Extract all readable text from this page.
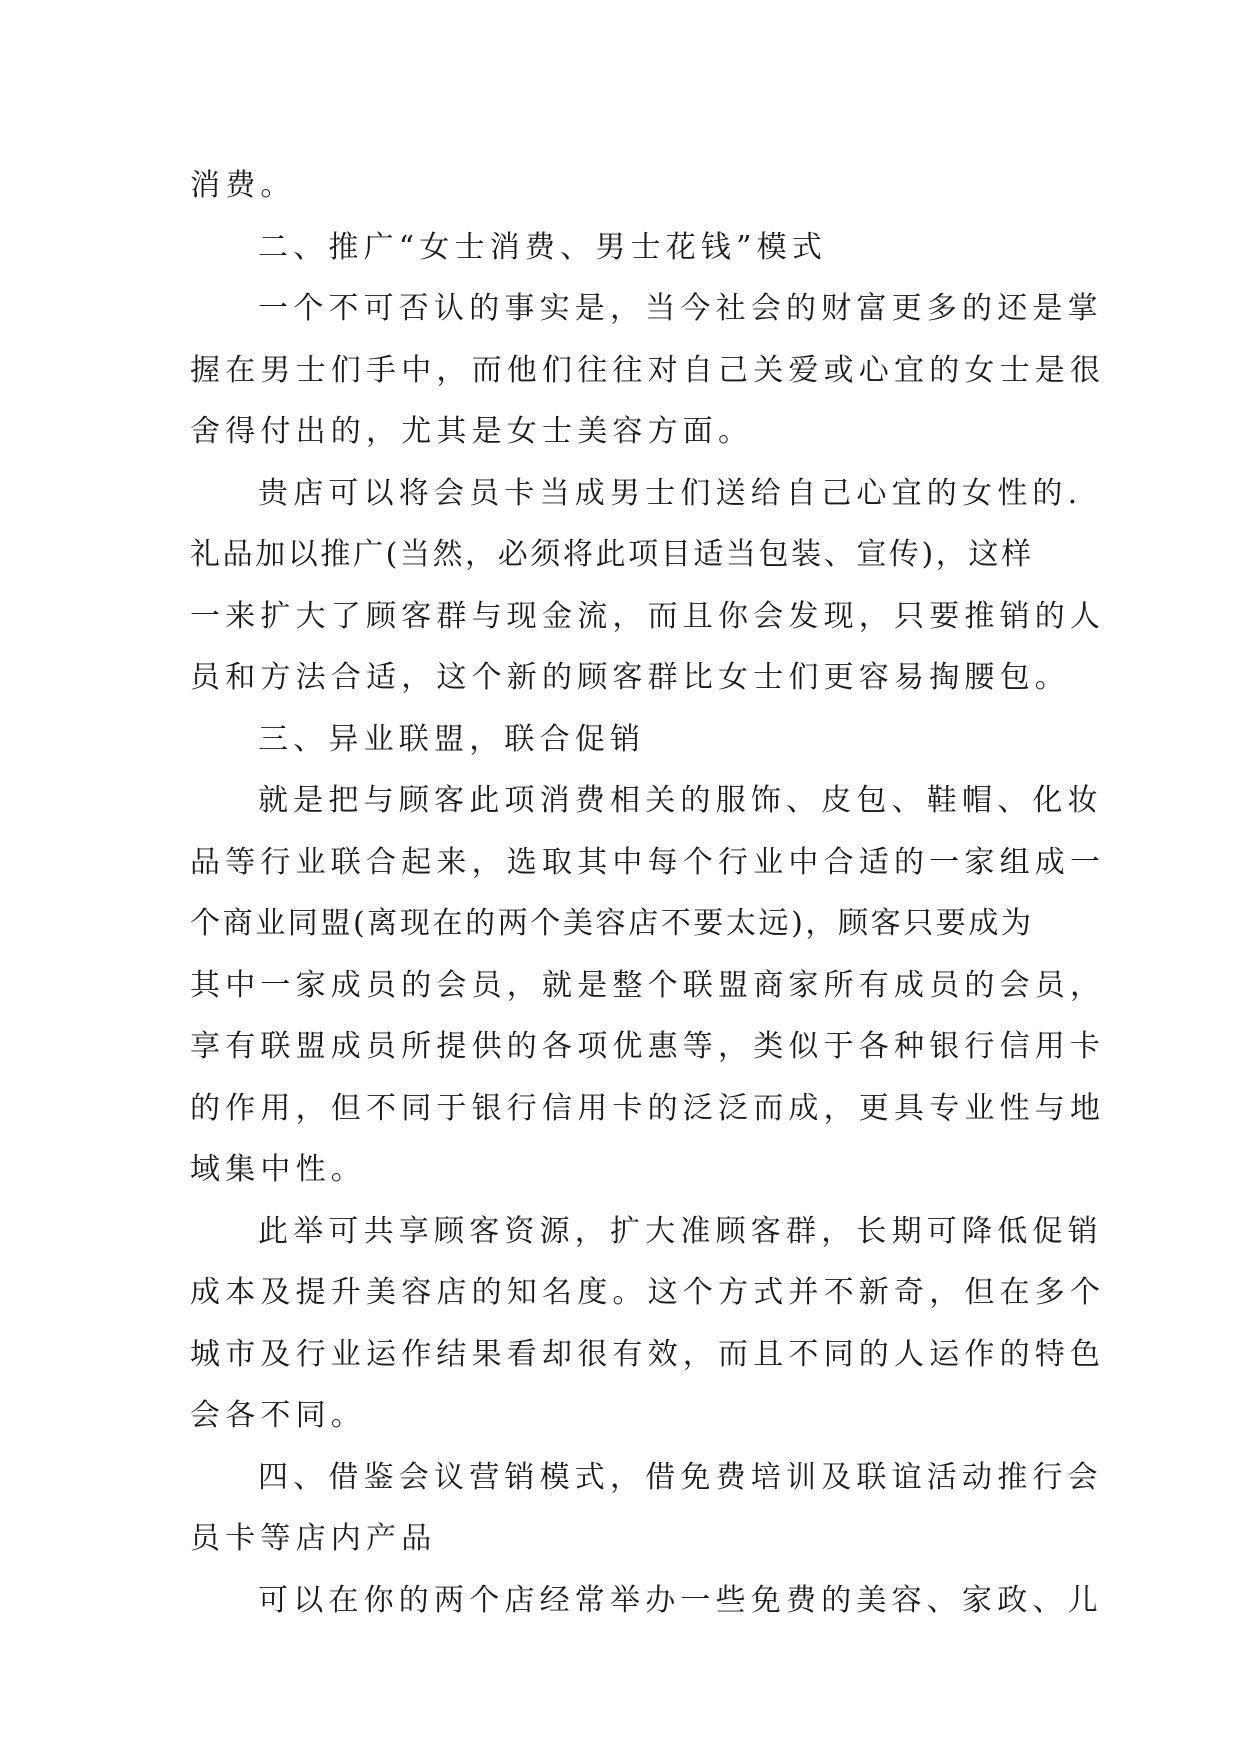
消费。
二、推广“女士消费、男士花钱”模式
一个不可否认的事实是，当今社会的财富更多的还是掌
握在男士们手中，而他们往往对自己关爱或心宜的女士是很
舍得付出的，尤其是女士美容方面。
贵店可以将会员卡当成男士们送给自己心宜的女性的.
礼品加以推广(当然，必须将此项目适当包装、宣传)，这样
一来扩大了顾客群与现金流，而且你会发现，只要推销的人
员和方法合适，这个新的顾客群比女士们更容易掏腰包。
三、异业联盟，联合促销
就是把与顾客此项消费相关的服饰、皮包、鞋帽、化妆
品等行业联合起来，选取其中每个行业中合适的一家组成一
个商业同盟(离现在的两个美容店不要太远)，顾客只要成为
其中一家成员的会员，就是整个联盟商家所有成员的会员，
享有联盟成员所提供的各项优惠等，类似于各种银行信用卡
的作用，但不同于银行信用卡的泛泛而成，更具专业性与地
域集中性。
此举可共享顾客资源，扩大准顾客群，长期可降低促销
成本及提升美容店的知名度。这个方式并不新奇，但在多个
城市及行业运作结果看却很有效，而且不同的人运作的特色
会各不同。
四、借鉴会议营销模式，借免费培训及联谊活动推行会
员卡等店内产品
可以在你的两个店经常举办一些免费的美容、家政、儿
